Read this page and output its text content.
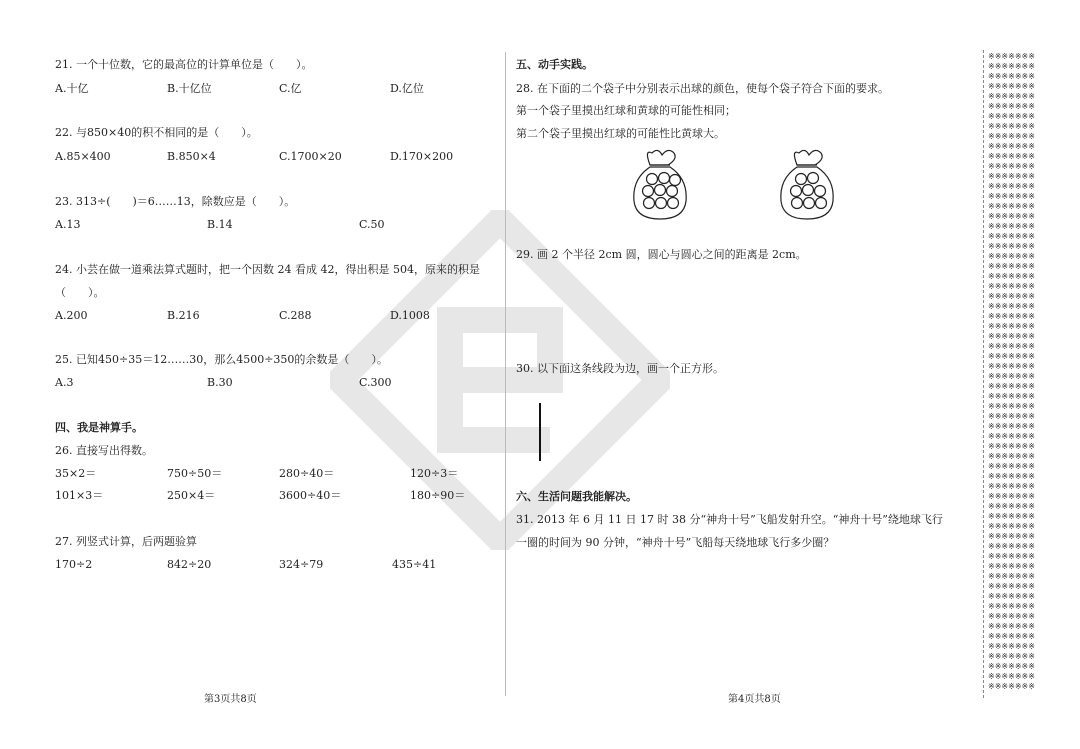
21. 一个十位数，它的最高位的计算单位是（　　）。
A.十亿	B.十亿位	C.亿	D.亿位
22. 与850×40的积不相同的是（　　）。
A.85×400	B.850×4	C.1700×20	D.170×200
23. 313÷(　　)＝6……13，除数应是（　　）。
A.13	B.14	C.50
24. 小芸在做一道乘法算式题时，把一个因数 24 看成 42，得出积是 504，原来的积是
（　　）。
A.200	B.216	C.288	D.1008
25. 已知450÷35＝12……30，那么4500÷350的余数是（　　）。
A.3	B.30	C.300
四、我是神算手。
26. 直接写出得数。
35×2＝	750÷50＝	280÷40＝	120÷3＝
101×3＝	250×4＝	3600÷40＝	180÷90＝
27. 列竖式计算，后两题验算
170÷2	842÷20	324÷79	435÷41
第3页共8页
五、动手实践。
28. 在下面的二个袋子中分别表示出球的颜色，使每个袋子符合下面的要求。
第一个袋子里摸出红球和黄球的可能性相同；
第二个袋子里摸出红球的可能性比黄球大。
29. 画 2 个半径 2cm 圆，圆心与圆心之间的距离是 2cm。
30. 以下面这条线段为边，画一个正方形。
六、生活问题我能解决。
31. 2013 年 6 月 11 日 17 时 38 分“神舟十号”飞船发射升空。“神舟十号”绕地球飞行
一圈的时间为 90 分钟，“神舟十号”飞船每天绕地球飞行多少圈？
第4页共8页
※※※※※※※
※※※※※※※
※※※※※※※
※※※※※※※
※※※※※※※
※※※※※※※
※※※※※※※
※※※※※※※
※※※※※※※
※※※※※※※
※※※※※※※
※※※※※※※
※※※※※※※
※※※※※※※
※※※※※※※
※※※※※※※
※※※※※※※
※※※※※※※
※※※※※※※
※※※※※※※
※※※※※※※
※※※※※※※
※※※※※※※
※※※※※※※
※※※※※※※
※※※※※※※
※※※※※※※
※※※※※※※
※※※※※※※
※※※※※※※
※※※※※※※
※※※※※※※
※※※※※※※
※※※※※※※
※※※※※※※
※※※※※※※
※※※※※※※
※※※※※※※
※※※※※※※
※※※※※※※
※※※※※※※
※※※※※※※
※※※※※※※
※※※※※※※
※※※※※※※
※※※※※※※
※※※※※※※
※※※※※※※
※※※※※※※
※※※※※※※
※※※※※※※
※※※※※※※
※※※※※※※
※※※※※※※
※※※※※※※
※※※※※※※
※※※※※※※
※※※※※※※
※※※※※※※
※※※※※※※
※※※※※※※
※※※※※※※
※※※※※※※
※※※※※※※
